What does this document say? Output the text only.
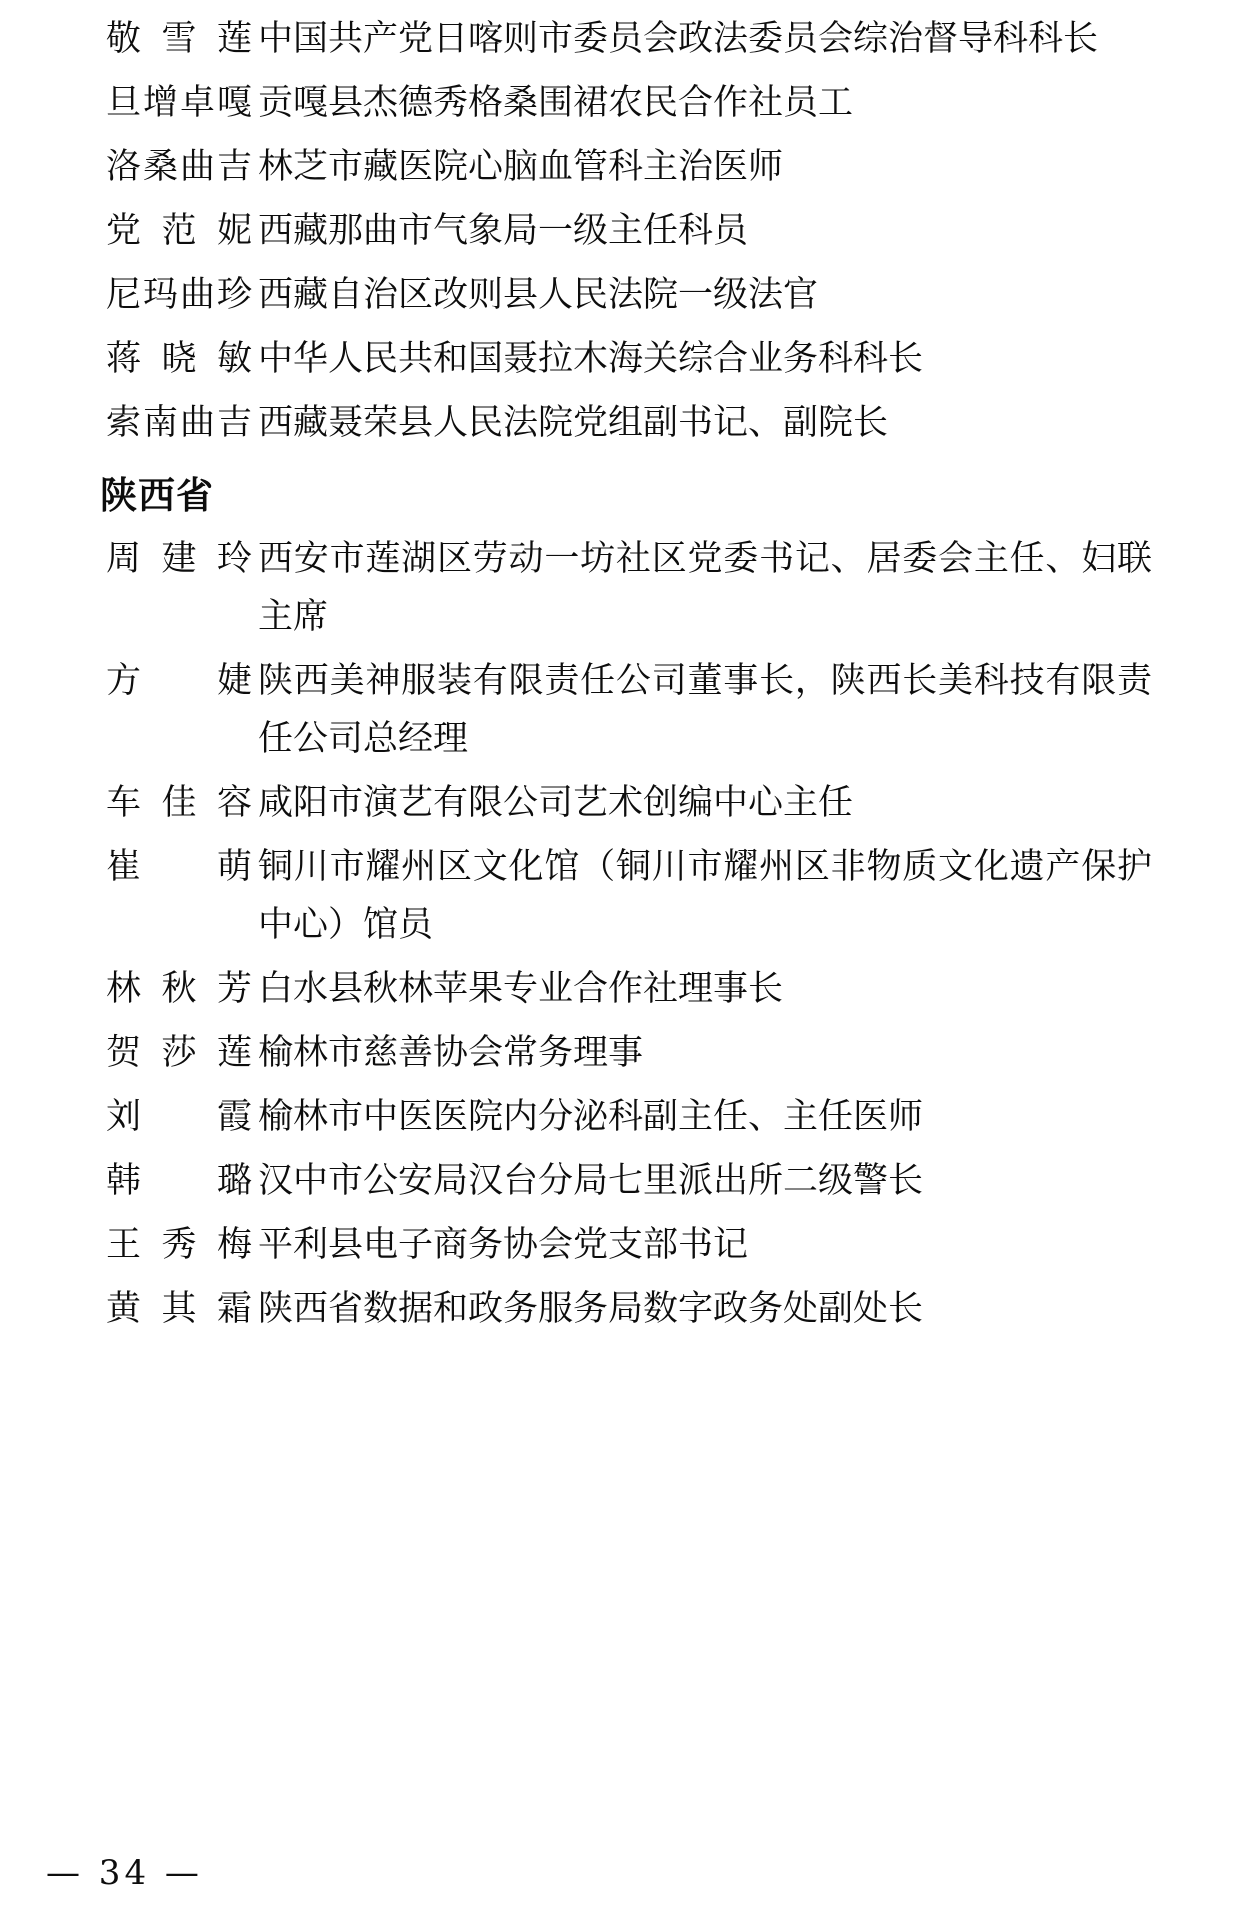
敬雪莲 中国共产党日喀则市委员会政法委员会综治督导科科长
旦增卓嘎 贡嘎县杰德秀格桑围裙农民合作社员工
洛桑曲吉 林芝市藏医院心脑血管科主治医师
党范妮 西藏那曲市气象局一级主任科员
尼玛曲珍 西藏自治区改则县人民法院一级法官
蒋晓敏 中华人民共和国聂拉木海关综合业务科科长
索南曲吉 西藏聂荣县人民法院党组副书记、副院长
陕西省
周建玲 西安市莲湖区劳动一坊社区党委书记、居委会主任、妇联主席
方婕 陕西美神服装有限责任公司董事长，陕西长美科技有限责任公司总经理
车佳容 咸阳市演艺有限公司艺术创编中心主任
崔萌 铜川市耀州区文化馆（铜川市耀州区非物质文化遗产保护中心）馆员
林秋芳 白水县秋林苹果专业合作社理事长
贺莎莲 榆林市慈善协会常务理事
刘霞 榆林市中医医院内分泌科副主任、主任医师
韩璐 汉中市公安局汉台分局七里派出所二级警长
王秀梅 平利县电子商务协会党支部书记
黄其霜 陕西省数据和政务服务局数字政务处副处长
— 34 —
